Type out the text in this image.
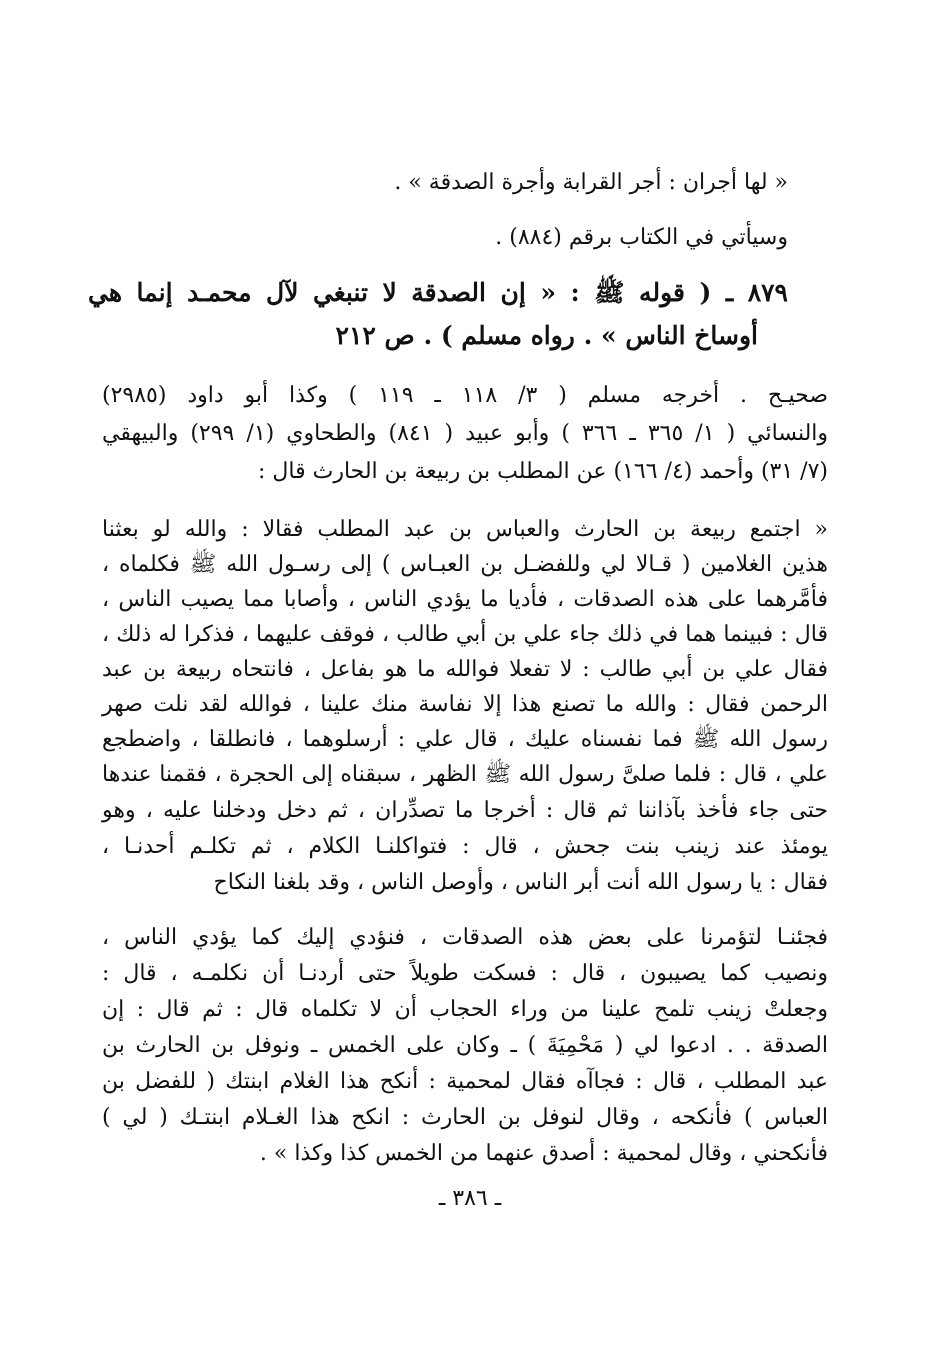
« لها أجران : أجر القرابة وأجرة الصدقة » .
وسيأتي في الكتاب برقم (٨٨٤) .
٨٧٩ ـ ( قوله ﷺ : « إن الصدقة لا تنبغي لآل محمـد إنما هي
أوساخ الناس » . رواه مسلم ) . ص ٢١٢
صحيـح . أخرجه مسلم ( ٣/ ١١٨ ـ ١١٩ ) وكذا أبو داود (٢٩٨٥)
والنسائي ( ١/ ٣٦٥ ـ ٣٦٦ ) وأبو عبيد ( ٨٤١) والطحاوي (١/ ٢٩٩) والبيهقي
(٧/ ٣١) وأحمد (٤/ ١٦٦) عن المطلب بن ربيعة بن الحارث قال :
« اجتمع ربيعة بن الحارث والعباس بن عبد المطلب فقالا : والله لو بعثنا
هذين الغلامين ( قـالا لي وللفضـل بن العبـاس ) إلى رسـول الله ﷺ فكلماه ،
فأمَّرهما على هذه الصدقات ، فأديا ما يؤدي الناس ، وأصابا مما يصيب الناس ،
قال : فبينما هما في ذلك جاء علي بن أبي طالب ، فوقف عليهما ، فذكرا له ذلك ،
فقال علي بن أبي طالب : لا تفعلا فوالله ما هو بفاعل ، فانتحاه ربيعة بن عبد
الرحمن فقال : والله ما تصنع هذا إلا نفاسة منك علينا ، فوالله لقد نلت صهر
رسول الله ﷺ فما نفسناه عليك ، قال علي : أرسلوهما ، فانطلقا ، واضطجع
علي ، قال : فلما صلىَّ رسول الله ﷺ الظهر ، سبقناه إلى الحجرة ، فقمنا عندها
حتى جاء فأخذ بآذاننا ثم قال : أخرجا ما تصدِّران ، ثم دخل ودخلنا عليه ، وهو
يومئذ عند زينب بنت جحش ، قال : فتواكلنـا الكلام ، ثم تكلـم أحدنـا ،
فقال : يا رسول الله أنت أبر الناس ، وأوصل الناس ، وقد بلغنا النكاح
فجئنـا لتؤمرنا على بعض هذه الصدقات ، فنؤدي إليك كما يؤدي الناس ،
ونصيب كما يصيبون ، قال : فسكت طويلاً حتى أردنـا أن نكلمـه ، قال :
وجعلتْ زينب تلمح علينا من وراء الحجاب أن لا تكلماه قال : ثم قال : إن
الصدقة . . ادعوا لي ( مَحْمِيَةَ ) ـ وكان على الخمس ـ ونوفل بن الحارث بن
عبد المطلب ، قال : فجاآه فقال لمحمية : أنكح هذا الغلام ابنتك ( للفضل بن
العباس ) فأنكحه ، وقال لنوفل بن الحارث : انكح هذا الغـلام ابنتـك ( لي )
فأنكحني ، وقال لمحمية : أصدق عنهما من الخمس كذا وكذا » .
ـ ٣٨٦ ـ
